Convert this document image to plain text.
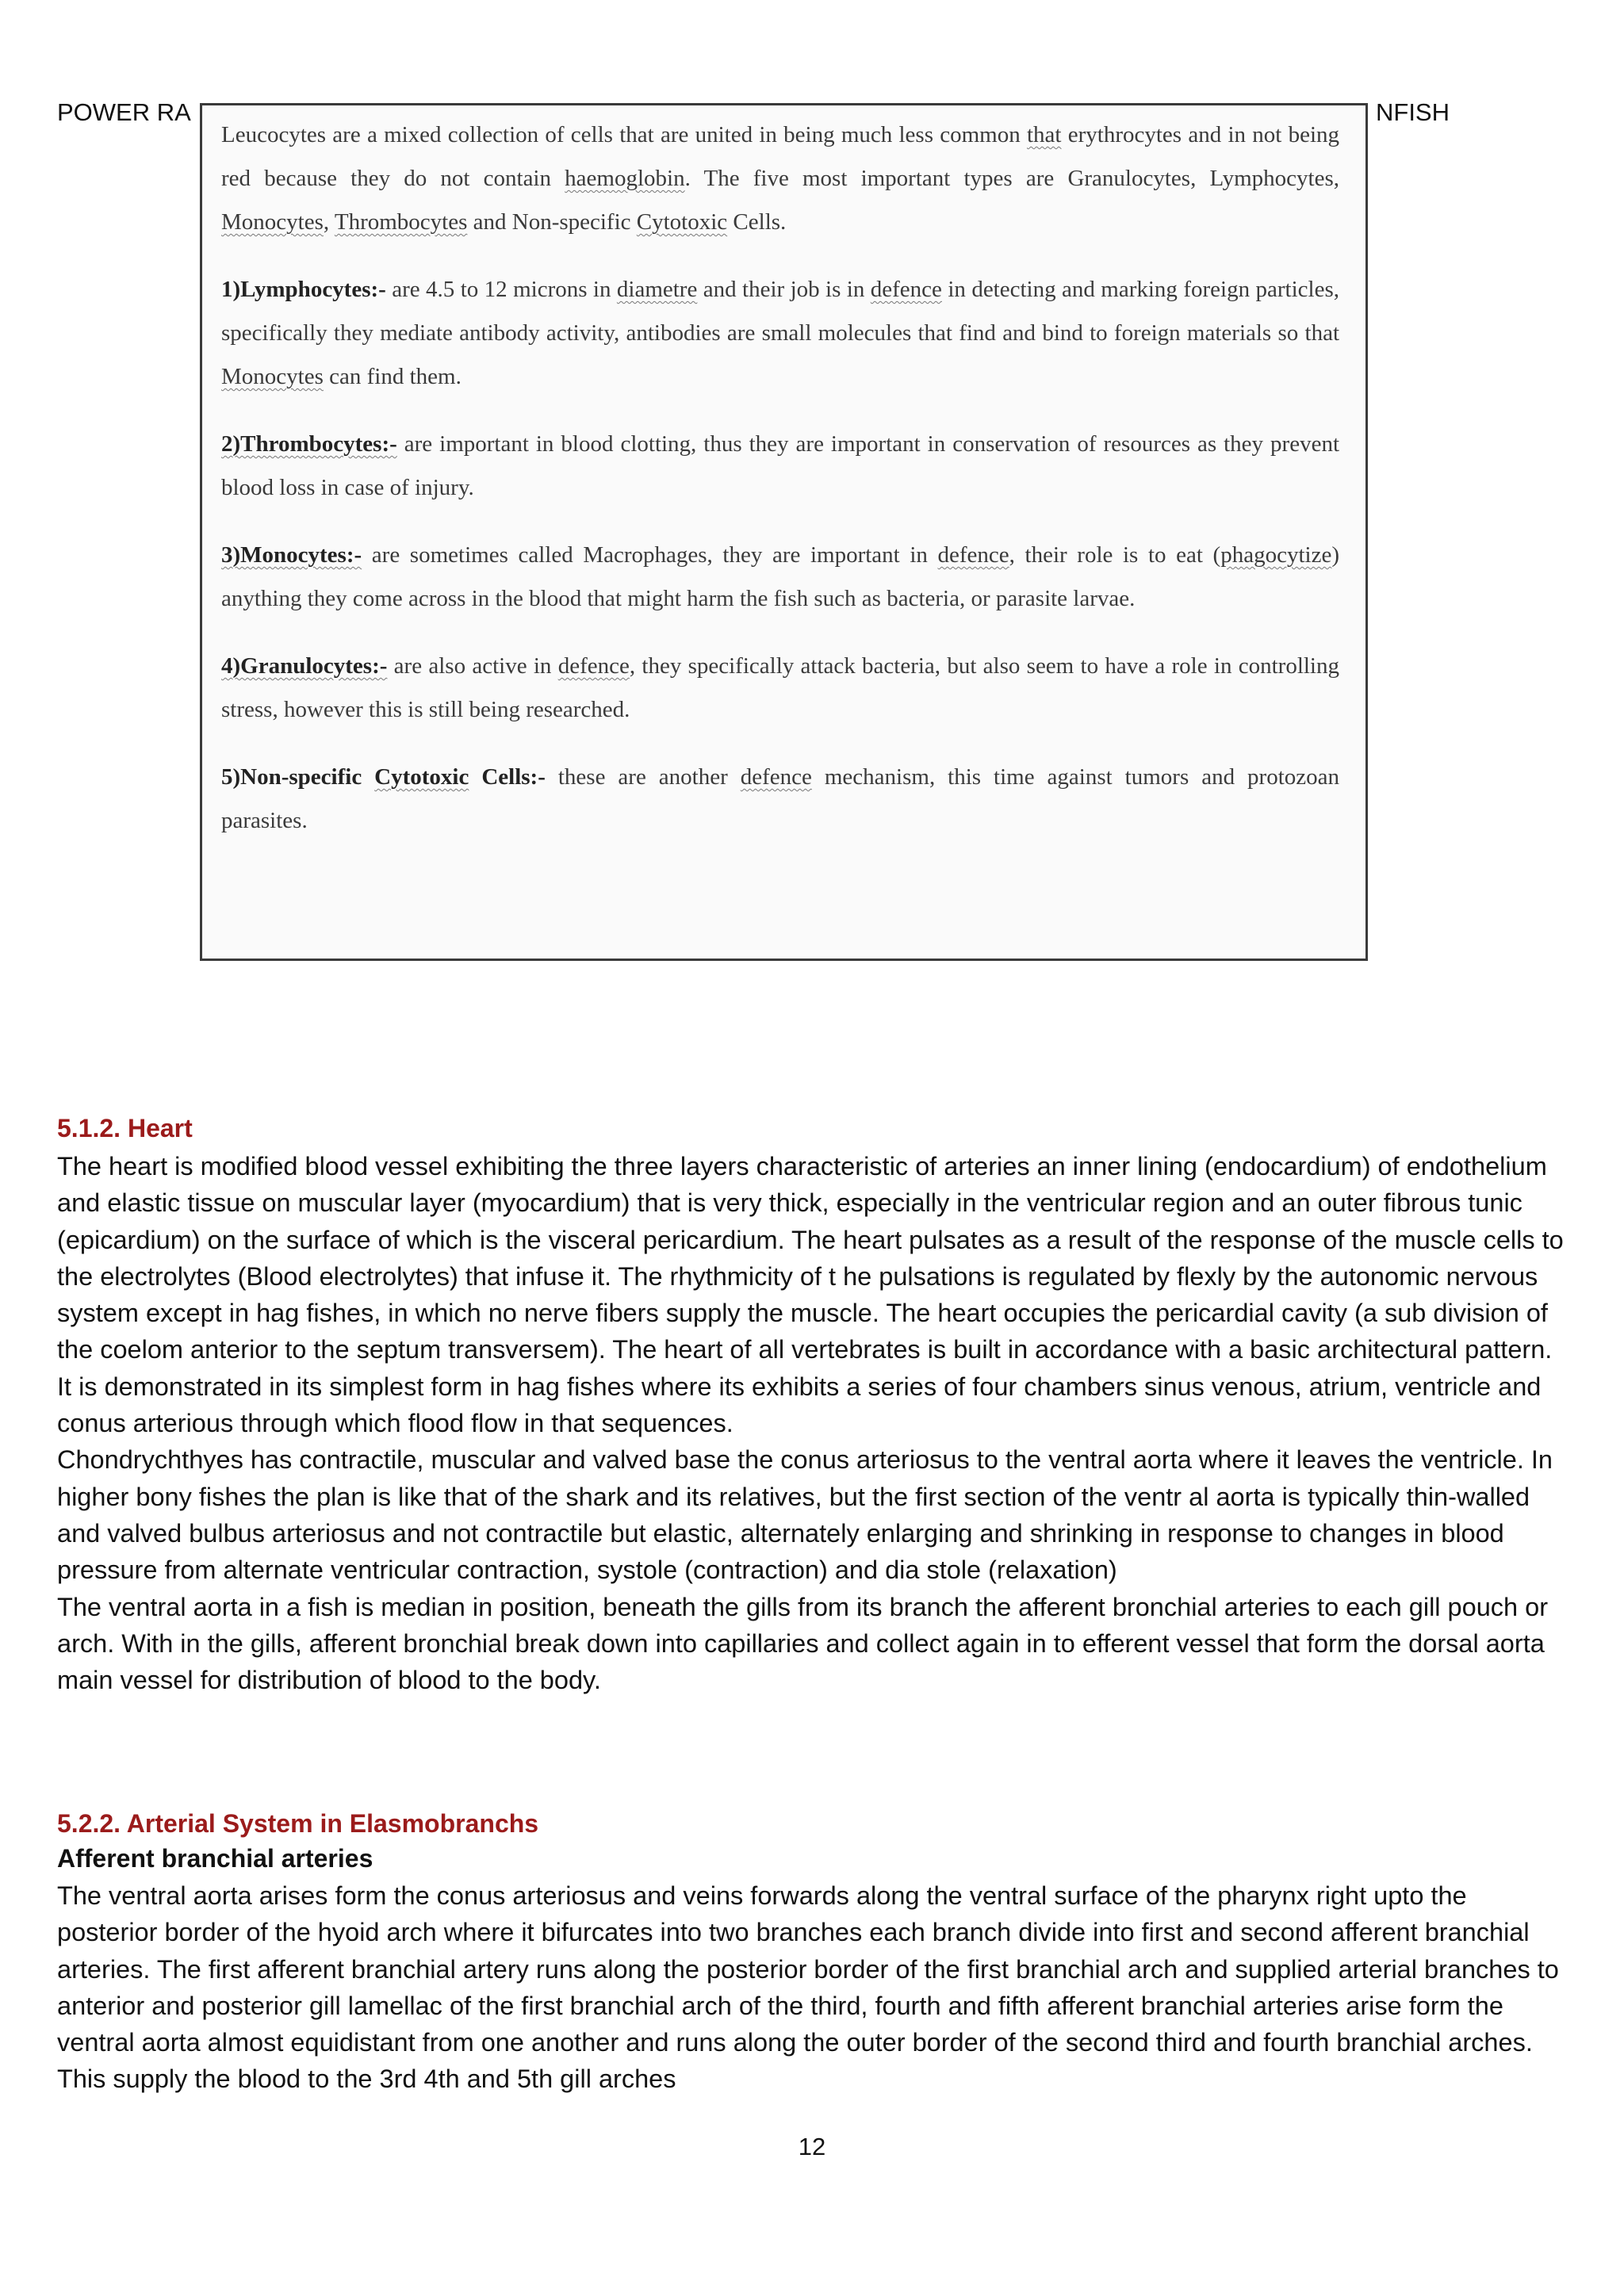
POWER RA	NFISH

Leucocytes are a mixed collection of cells that are united in being much less common that erythrocytes and in not being red because they do not contain haemoglobin. The five most important types are Granulocytes, Lymphocytes, Monocytes, Thrombocytes and Non-specific Cytotoxic Cells.

1)Lymphocytes:- are 4.5 to 12 microns in diametre and their job is in defence in detecting and marking foreign particles, specifically they mediate antibody activity, antibodies are small molecules that find and bind to foreign materials so that Monocytes can find them.

2)Thrombocytes:- are important in blood clotting, thus they are important in conservation of resources as they prevent blood loss in case of injury.

3)Monocytes:- are sometimes called Macrophages, they are important in defence, their role is to eat (phagocytize) anything they come across in the blood that might harm the fish such as bacteria, or parasite larvae.

4)Granulocytes:- are also active in defence, they specifically attack bacteria, but also seem to have a role in controlling stress, however this is still being researched.

5)Non-specific Cytotoxic Cells:- these are another defence mechanism, this time against tumors and protozoan parasites.

5.1.2. Heart

The heart is modified blood vessel exhibiting the three layers characteristic of arteries an inner lining (endocardium) of endothelium and elastic tissue on muscular layer (myocardium) that is very thick, especially in the ventricular region and an outer fibrous tunic (epicardium) on the surface of which is the visceral pericardium. The heart pulsates as a result of the response of the muscle cells to the electrolytes (Blood electrolytes) that infuse it. The rhythmicity of t he pulsations is regulated by flexly by the autonomic nervous system except in hag fishes, in which no nerve fibers supply the muscle. The heart occupies the pericardial cavity (a sub division of the coelom anterior to the septum transversem). The heart of all vertebrates is built in accordance with a basic architectural pattern. It is demonstrated in its simplest form in hag fishes where its exhibits a series of four chambers sinus venous, atrium, ventricle and conus arterious through which flood flow in that sequences.

Chondrychthyes has contractile, muscular and valved base the conus arteriosus to the ventral aorta where it leaves the ventricle. In higher bony fishes the plan is like that of the shark and its relatives, but the first section of the ventr al aorta is typically thin-walled and valved bulbus arteriosus and not contractile but elastic, alternately enlarging and shrinking in response to changes in blood pressure from alternate ventricular contraction, systole (contraction) and dia stole (relaxation)

The ventral aorta in a fish is median in position, beneath the gills from its branch the afferent bronchial arteries to each gill pouch or arch. With in the gills, afferent bronchial break down into capillaries and collect again in to efferent vessel that form the dorsal aorta main vessel for distribution of blood to the body.

5.2.2. Arterial System in Elasmobranchs
Afferent branchial arteries

The ventral aorta arises form the conus arteriosus and veins forwards along the ventral surface of the pharynx right upto the posterior border of the hyoid arch where it bifurcates into two branches each branch divide into first and second afferent branchial arteries. The first afferent branchial artery runs along the posterior border of the first branchial arch and supplied arterial branches to anterior and posterior gill lamellac of the first branchial arch of the third, fourth and fifth afferent branchial arteries arise form the ventral aorta almost equidistant from one another and runs along the outer border of the second third and fourth branchial arches. This supply the blood to the 3rd 4th and 5th gill arches

12
